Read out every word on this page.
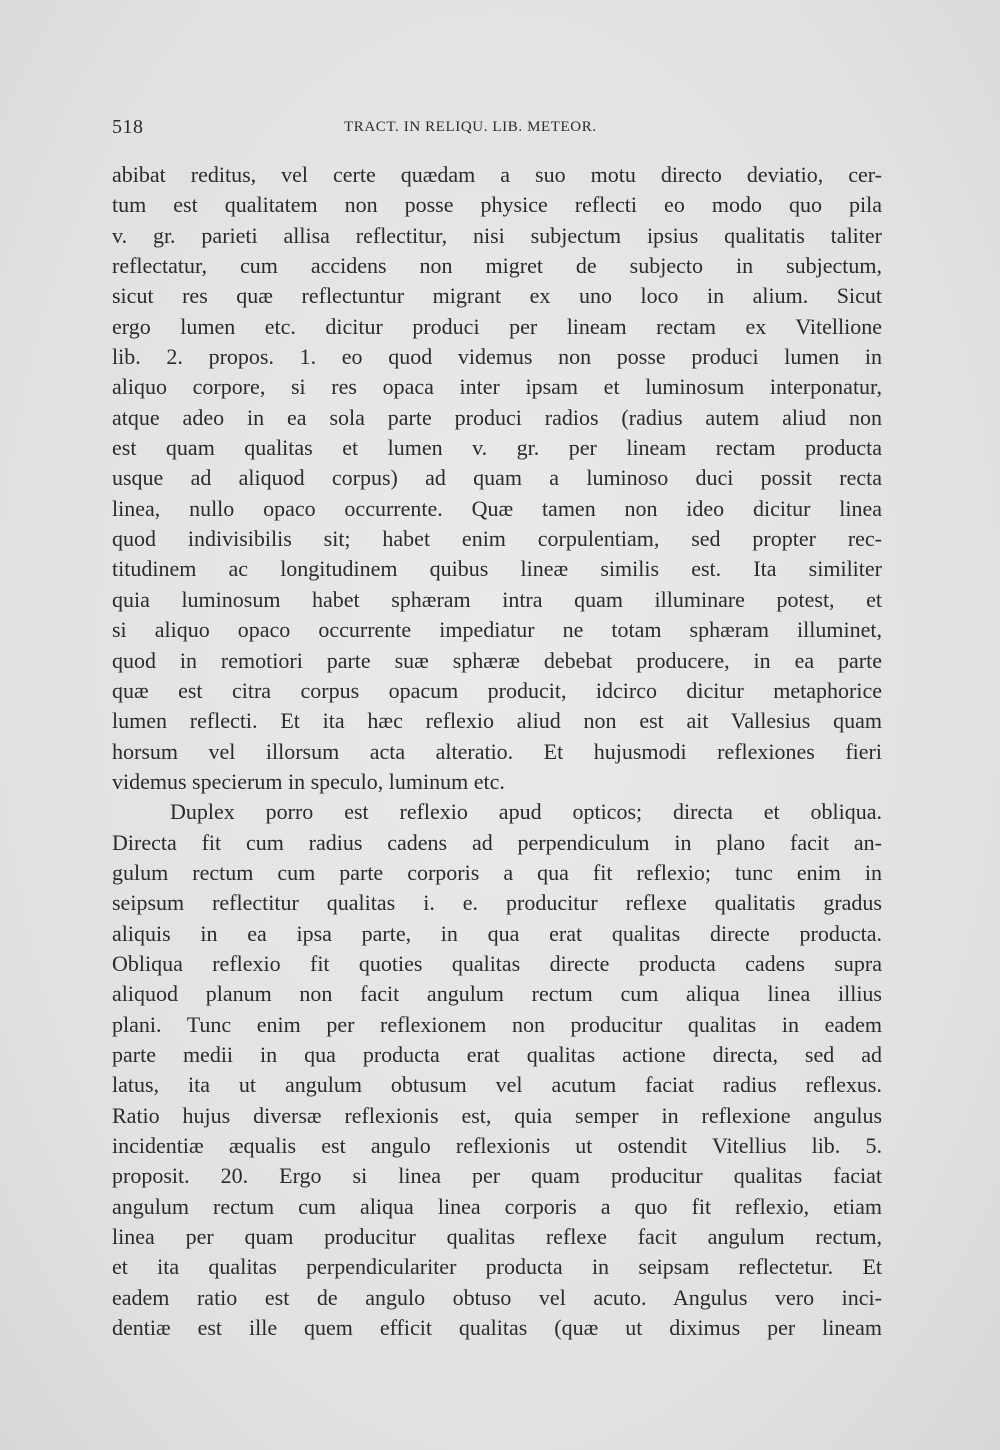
518	TRACT. IN RELIQU. LIB. METEOR.
abibat reditus, vel certe quædam a suo motu directo deviatio, cer-
tum est qualitatem non posse physice reflecti eo modo quo pila
v. gr. parieti allisa reflectitur, nisi subjectum ipsius qualitatis taliter
reflectatur, cum accidens non migret de subjecto in subjectum,
sicut res quæ reflectuntur migrant ex uno loco in alium. Sicut
ergo lumen etc. dicitur produci per lineam rectam ex Vitellione
lib. 2. propos. 1. eo quod videmus non posse produci lumen in
aliquo corpore, si res opaca inter ipsam et luminosum interponatur,
atque adeo in ea sola parte produci radios (radius autem aliud non
est quam qualitas et lumen v. gr. per lineam rectam producta
usque ad aliquod corpus) ad quam a luminoso duci possit recta
linea, nullo opaco occurrente. Quæ tamen non ideo dicitur linea
quod indivisibilis sit; habet enim corpulentiam, sed propter rec-
titudinem ac longitudinem quibus lineæ similis est. Ita similiter
quia luminosum habet sphæram intra quam illuminare potest, et
si aliquo opaco occurrente impediatur ne totam sphæram illuminet,
quod in remotiori parte suæ sphæræ debebat producere, in ea parte
quæ est citra corpus opacum producit, idcirco dicitur metaphorice
lumen reflecti. Et ita hæc reflexio aliud non est ait Vallesius quam
horsum vel illorsum acta alteratio. Et hujusmodi reflexiones fieri
videmus specierum in speculo, luminum etc.
Duplex porro est reflexio apud opticos; directa et obliqua.
Directa fit cum radius cadens ad perpendiculum in plano facit an-
gulum rectum cum parte corporis a qua fit reflexio; tunc enim in
seipsum reflectitur qualitas i. e. producitur reflexe qualitatis gradus
aliquis in ea ipsa parte, in qua erat qualitas directe producta.
Obliqua reflexio fit quoties qualitas directe producta cadens supra
aliquod planum non facit angulum rectum cum aliqua linea illius
plani. Tunc enim per reflexionem non producitur qualitas in eadem
parte medii in qua producta erat qualitas actione directa, sed ad
latus, ita ut angulum obtusum vel acutum faciat radius reflexus.
Ratio hujus diversæ reflexionis est, quia semper in reflexione angulus
incidentiæ æqualis est angulo reflexionis ut ostendit Vitellius lib. 5.
proposit. 20. Ergo si linea per quam producitur qualitas faciat
angulum rectum cum aliqua linea corporis a quo fit reflexio, etiam
linea per quam producitur qualitas reflexe facit angulum rectum,
et ita qualitas perpendiculariter producta in seipsam reflectetur. Et
eadem ratio est de angulo obtuso vel acuto. Angulus vero inci-
dentiæ est ille quem efficit qualitas (quæ ut diximus per lineam
